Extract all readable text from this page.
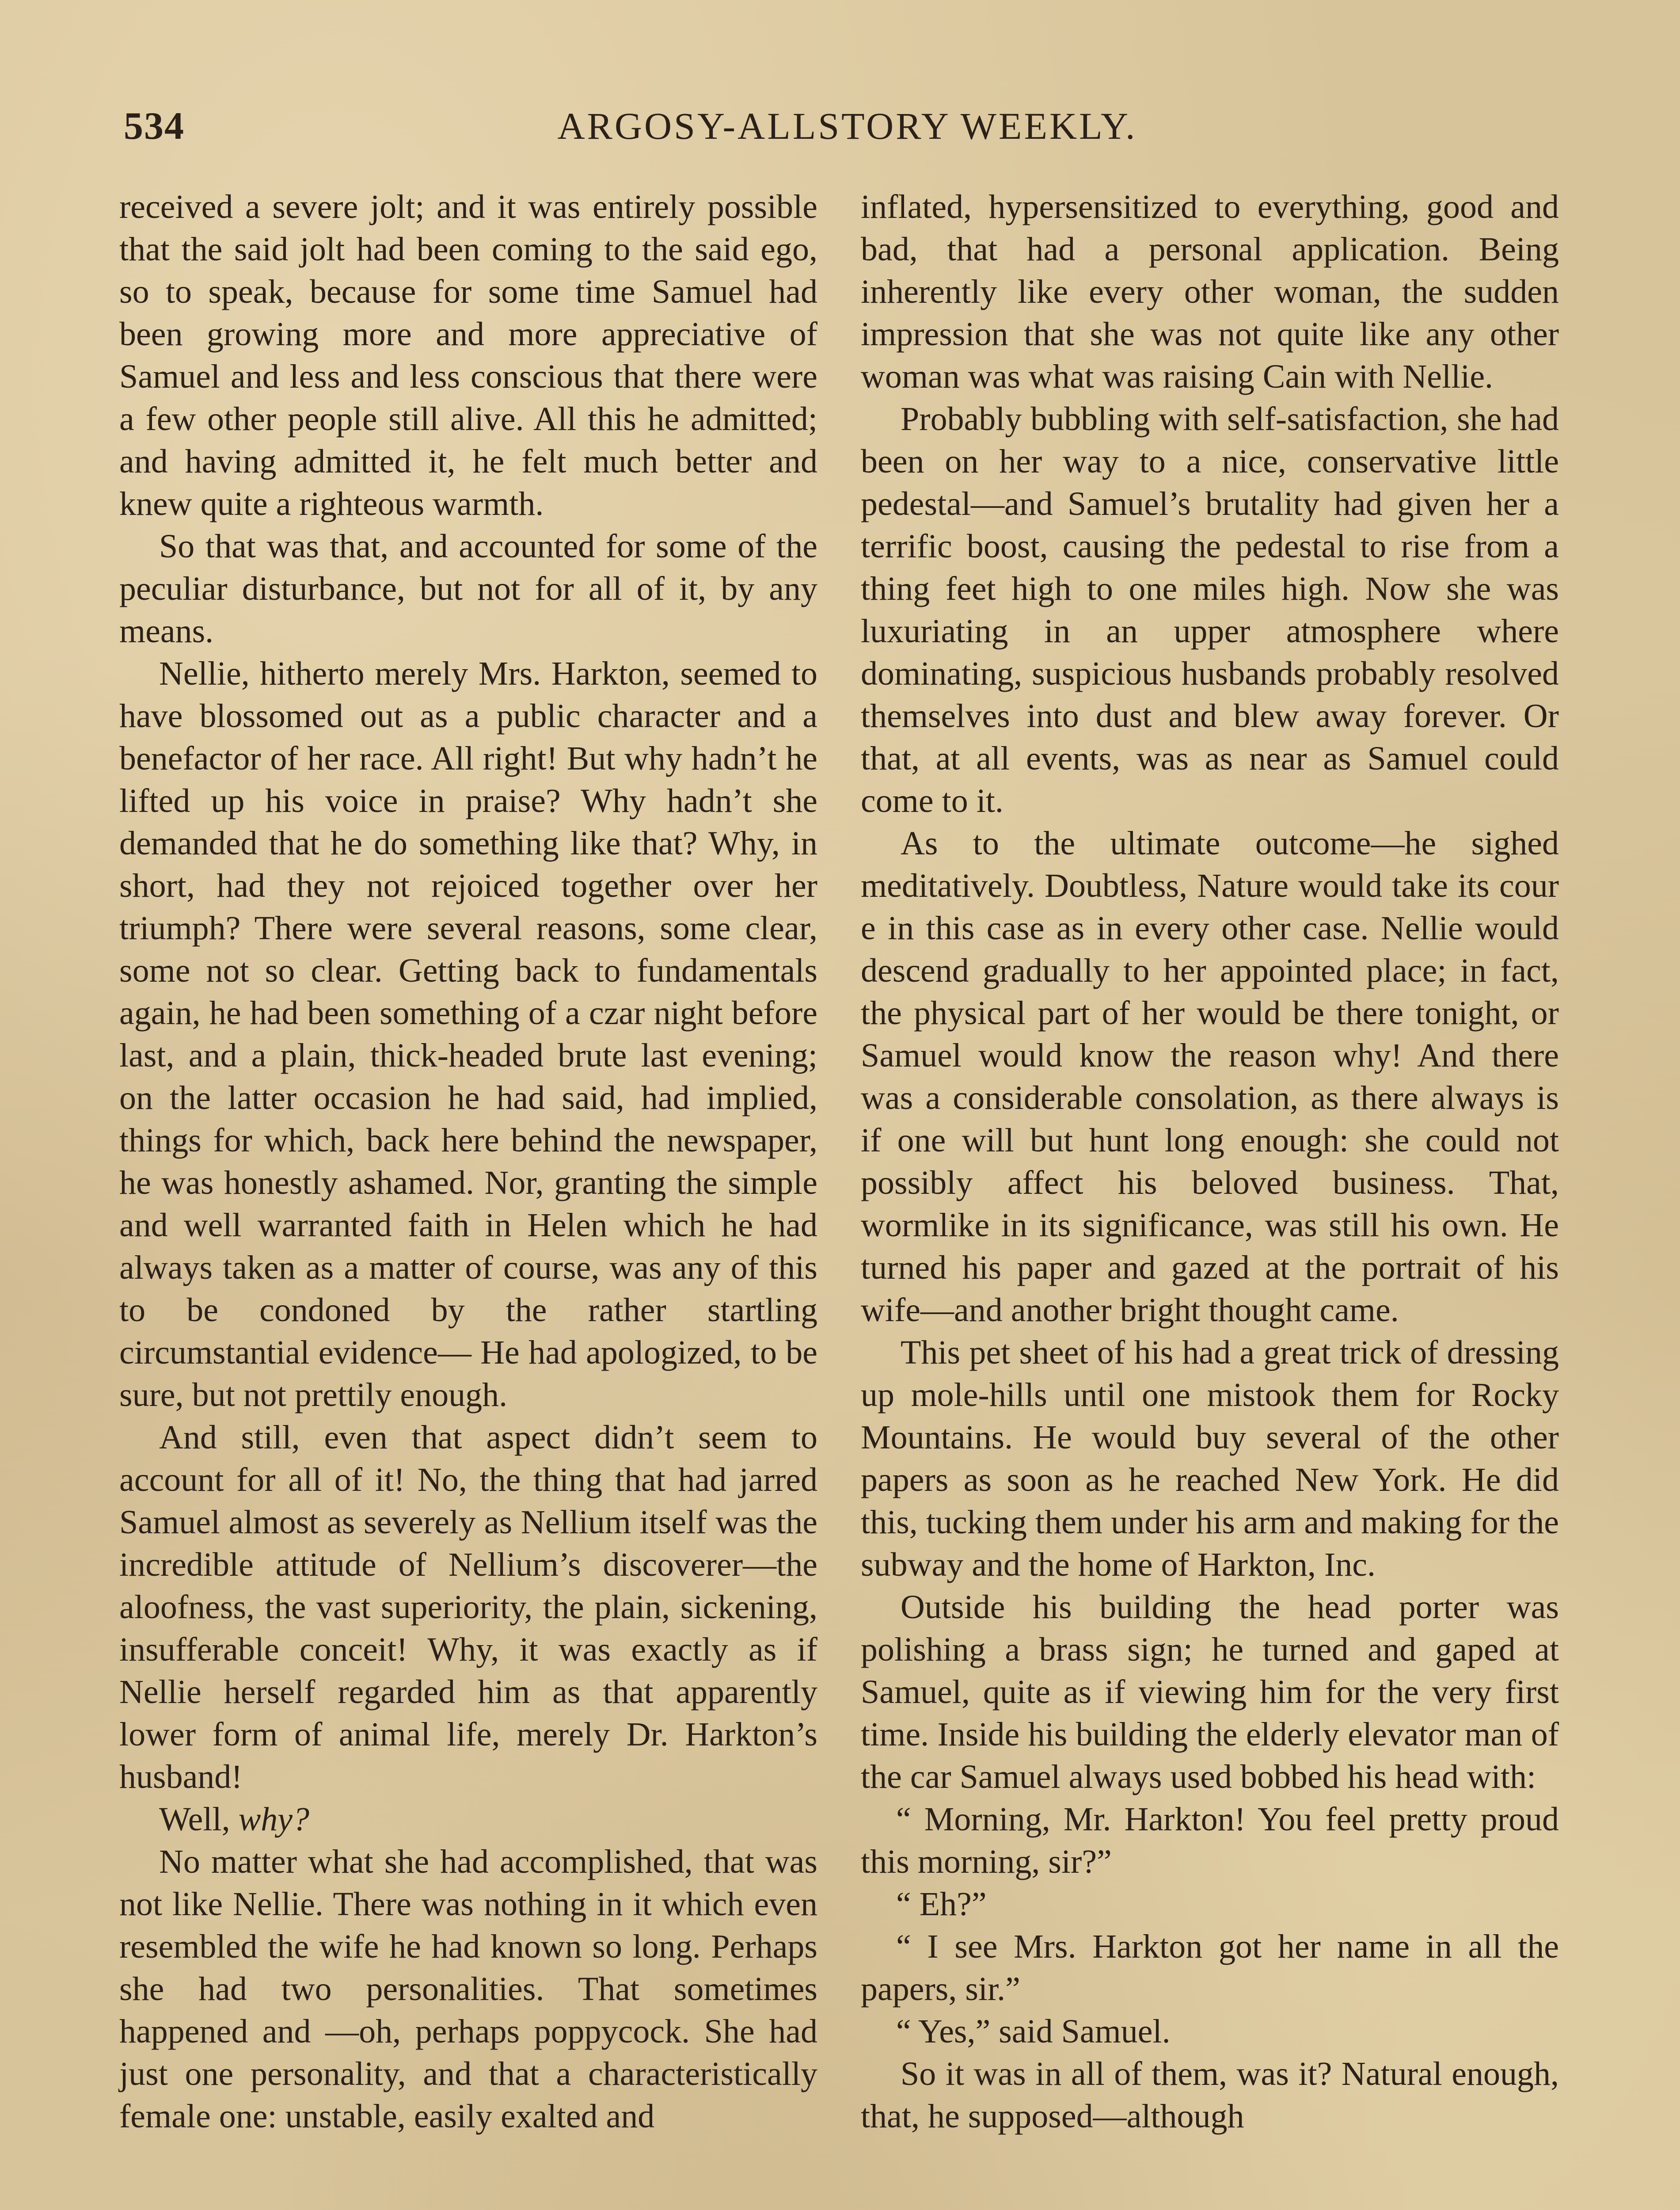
534	ARGOSY-ALLSTORY WEEKLY.

received a severe jolt; and it was entirely possible that the said jolt had been coming to the said ego, so to speak, because for some time Samuel had been growing more and more appreciative of Samuel and less and less conscious that there were a few other people still alive. All this he admitted; and having admitted it, he felt much better and knew quite a righteous warmth.

So that was that, and accounted for some of the peculiar disturbance, but not for all of it, by any means.

Nellie, hitherto merely Mrs. Harkton, seemed to have blossomed out as a public character and a benefactor of her race. All right! But why hadn’t he lifted up his voice in praise? Why hadn’t she demanded that he do something like that? Why, in short, had they not rejoiced together over her triumph? There were several reasons, some clear, some not so clear. Getting back to fundamentals again, he had been something of a czar night before last, and a plain, thick-headed brute last evening; on the latter occasion he had said, had implied, things for which, back here behind the newspaper, he was honestly ashamed. Nor, granting the simple and well warranted faith in Helen which he had always taken as a matter of course, was any of this to be condoned by the rather startling circumstantial evidence— He had apologized, to be sure, but not prettily enough.

And still, even that aspect didn’t seem to account for all of it! No, the thing that had jarred Samuel almost as severely as Nellium itself was the incredible attitude of Nellium’s discoverer—the aloofness, the vast superiority, the plain, sickening, insufferable conceit! Why, it was exactly as if Nellie herself regarded him as that apparently lower form of animal life, merely Dr. Harkton’s husband!

Well, why?

No matter what she had accomplished, that was not like Nellie. There was nothing in it which even resembled the wife he had known so long. Perhaps she had two personalities. That sometimes happened and —oh, perhaps poppycock. She had just one personality, and that a characteristically female one: unstable, easily exalted and

inflated, hypersensitized to everything, good and bad, that had a personal application. Being inherently like every other woman, the sudden impression that she was not quite like any other woman was what was raising Cain with Nellie.

Probably bubbling with self-satisfaction, she had been on her way to a nice, conservative little pedestal—and Samuel’s brutality had given her a terrific boost, causing the pedestal to rise from a thing feet high to one miles high. Now she was luxuriating in an upper atmosphere where dominating, suspicious husbands probably resolved themselves into dust and blew away forever. Or that, at all events, was as near as Samuel could come to it.

As to the ultimate outcome—he sighed meditatively. Doubtless, Nature would take its cour e in this case as in every other case. Nellie would descend gradually to her appointed place; in fact, the physical part of her would be there tonight, or Samuel would know the reason why! And there was a considerable consolation, as there always is if one will but hunt long enough: she could not possibly affect his beloved business. That, wormlike in its significance, was still his own. He turned his paper and gazed at the portrait of his wife—and another bright thought came.

This pet sheet of his had a great trick of dressing up mole-hills until one mistook them for Rocky Mountains. He would buy several of the other papers as soon as he reached New York. He did this, tucking them under his arm and making for the subway and the home of Harkton, Inc.

Outside his building the head porter was polishing a brass sign; he turned and gaped at Samuel, quite as if viewing him for the very first time. Inside his building the elderly elevator man of the car Samuel always used bobbed his head with:

“ Morning, Mr. Harkton! You feel pretty proud this morning, sir?”

“ Eh?”

“ I see Mrs. Harkton got her name in all the papers, sir.”

“ Yes,” said Samuel.

So it was in all of them, was it? Natural enough, that, he supposed—although
